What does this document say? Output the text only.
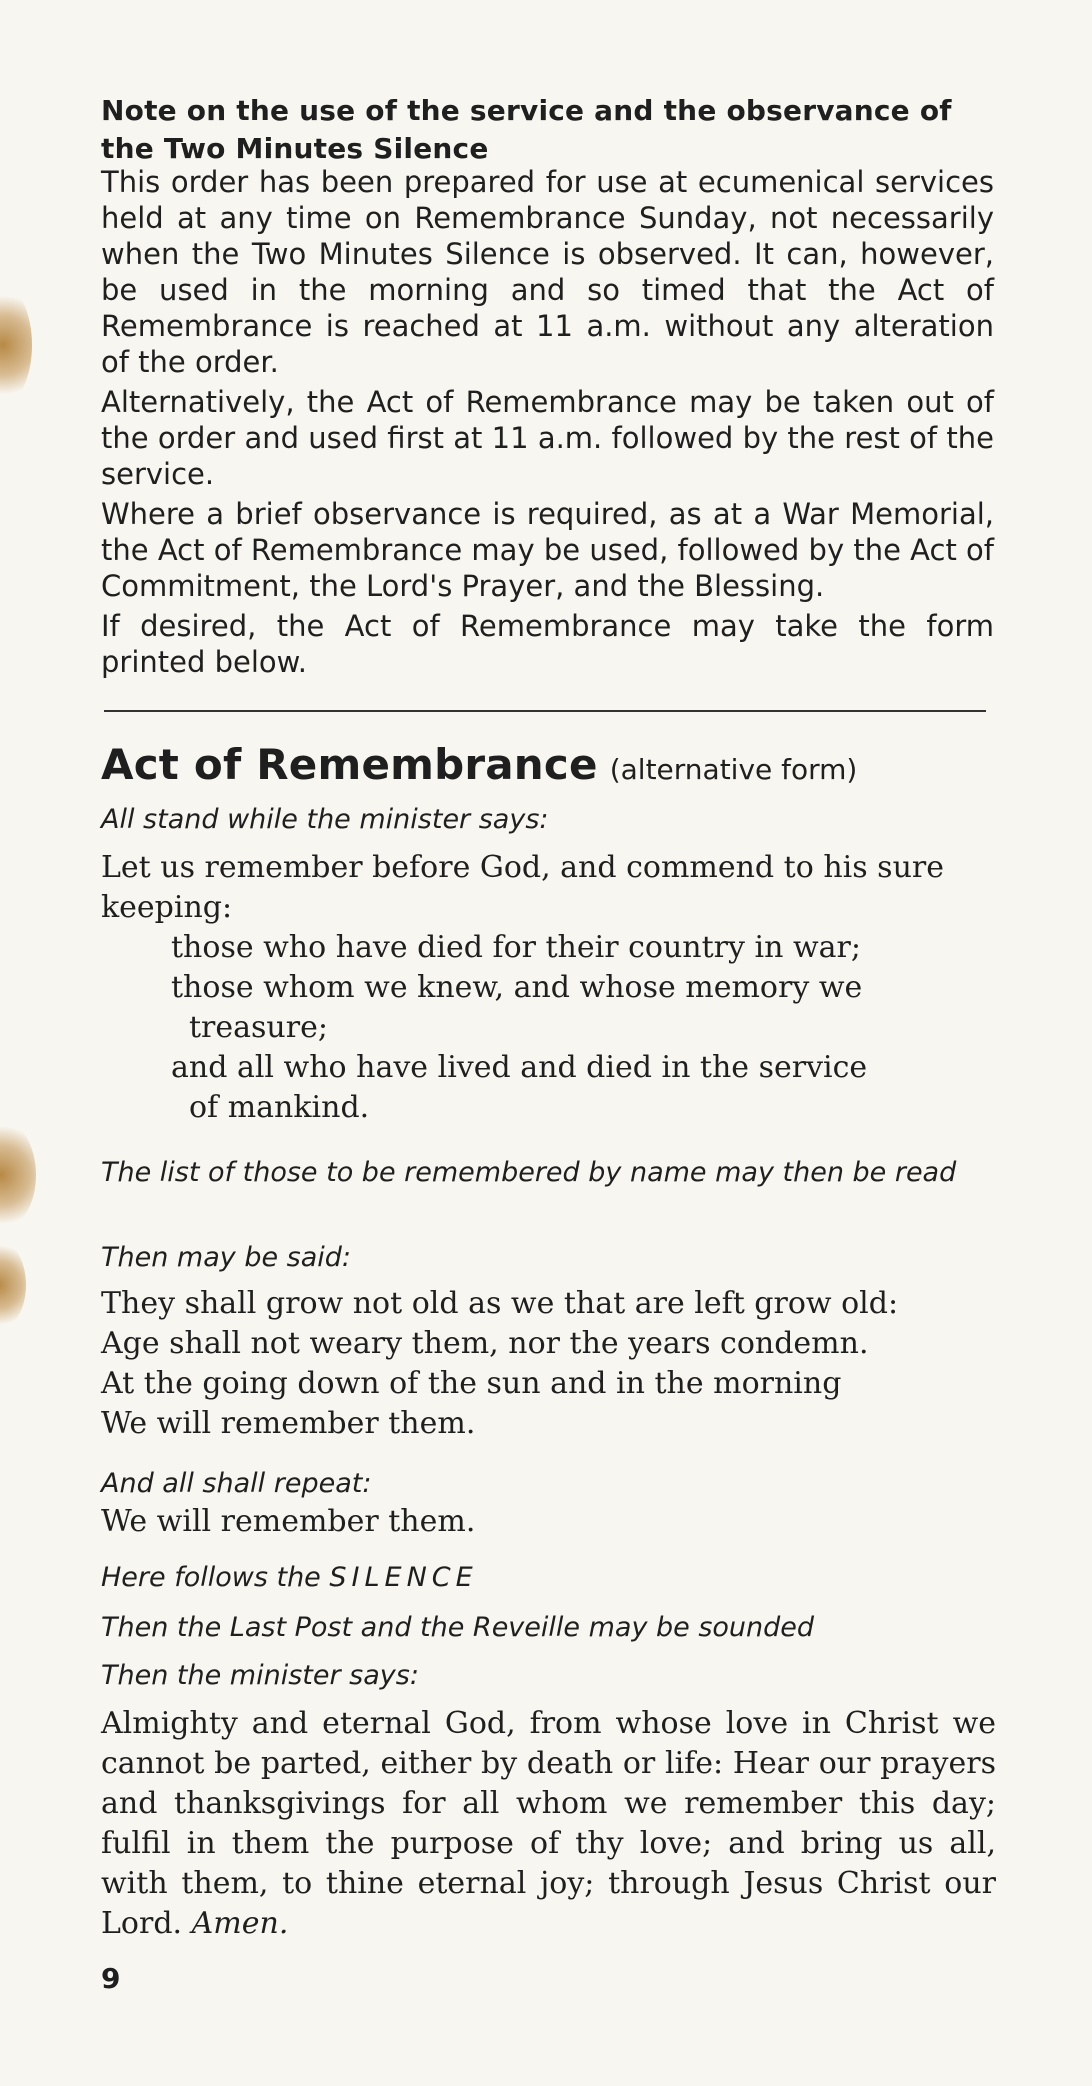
Note on the use of the service and the observance of the Two Minutes Silence

This order has been prepared for use at ecumenical services held at any time on Remembrance Sunday, not necessarily when the Two Minutes Silence is observed. It can, however, be used in the morning and so timed that the Act of Remembrance is reached at 11 a.m. without any alteration of the order.

Alternatively, the Act of Remembrance may be taken out of the order and used first at 11 a.m. followed by the rest of the service.

Where a brief observance is required, as at a War Memorial, the Act of Remembrance may be used, followed by the Act of Commitment, the Lord's Prayer, and the Blessing.

If desired, the Act of Remembrance may take the form printed below.

Act of Remembrance (alternative form)
All stand while the minister says:
Let us remember before God, and commend to his sure keeping:
those who have died for their country in war;
those whom we knew, and whose memory we
treasure;
and all who have lived and died in the service
of mankind.
The list of those to be remembered by name may then be read
Then may be said:
They shall grow not old as we that are left grow old:
Age shall not weary them, nor the years condemn.
At the going down of the sun and in the morning
We will remember them.
And all shall repeat:
We will remember them.
Here follows the SILENCE
Then the Last Post and the Reveille may be sounded
Then the minister says:
Almighty and eternal God, from whose love in Christ we cannot be parted, either by death or life: Hear our prayers and thanksgivings for all whom we remember this day; fulfil in them the purpose of thy love; and bring us all, with them, to thine eternal joy; through Jesus Christ our Lord. Amen.
9
